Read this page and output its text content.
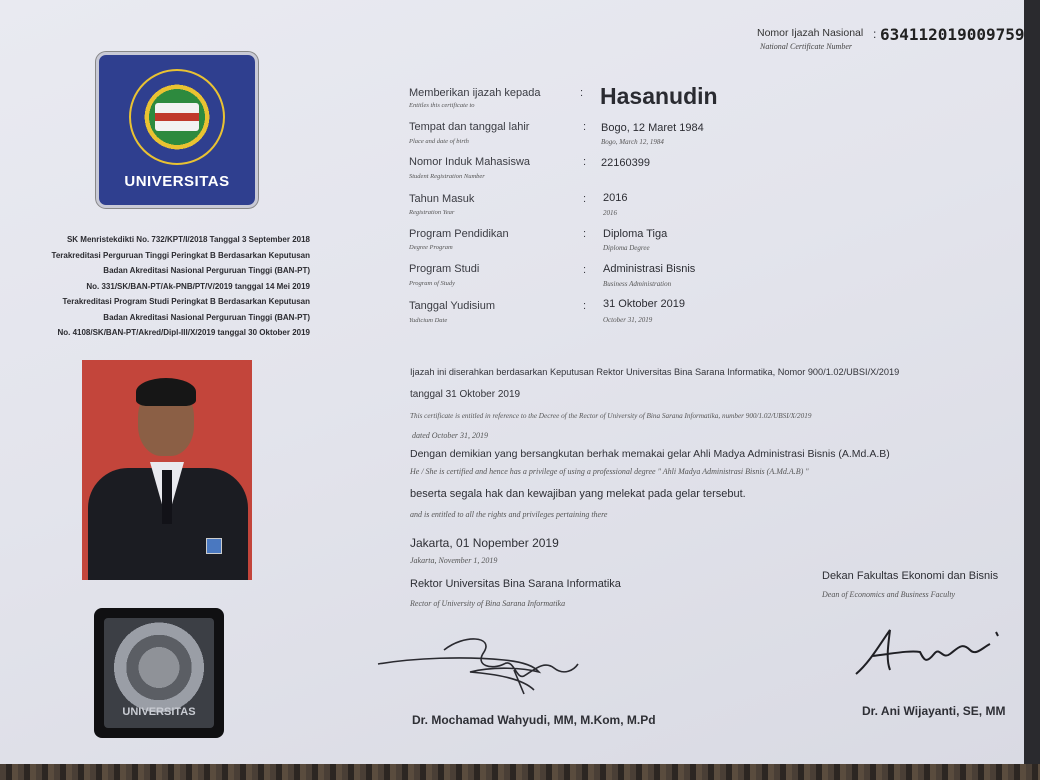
Nomor Ijazah Nasional
National Certificate Number
: 634112019009759
UNIVERSITAS
SK Menristekdikti No. 732/KPT/I/2018 Tanggal 3 September 2018
Terakreditasi Perguruan Tinggi Peringkat B Berdasarkan Keputusan
Badan Akreditasi Nasional Perguruan Tinggi (BAN-PT)
No. 331/SK/BAN-PT/Ak-PNB/PT/V/2019 tanggal 14 Mei 2019
Terakreditasi Program Studi Peringkat B Berdasarkan Keputusan
Badan Akreditasi Nasional Perguruan Tinggi (BAN-PT)
No. 4108/SK/BAN-PT/Akred/Dipl-III/X/2019 tanggal 30 Oktober 2019
UNIVERSITAS
Memberikan ijazah kepada
Entitles this certificate to
: Hasanudin
Tempat dan tanggal lahir
Place and date of birth
: Bogo, 12 Maret 1984
Bogo, March 12, 1984
Nomor Induk Mahasiswa
Student Registration Number
: 22160399
Tahun Masuk
Registration Year
: 2016
2016
Program Pendidikan
Degree Program
: Diploma Tiga
Diploma Degree
Program Studi
Program of Study
: Administrasi Bisnis
Business Administration
Tanggal Yudisium
Yudicium Date
: 31 Oktober 2019
October 31, 2019
Ijazah ini diserahkan berdasarkan Keputusan Rektor Universitas Bina Sarana Informatika, Nomor 900/1.02/UBSI/X/2019
tanggal 31 Oktober 2019
This certificate is entitled in reference to the Decree of the Rector of University of Bina Sarana Informatika, number 900/1.02/UBSI/X/2019
dated October 31, 2019
Dengan demikian yang bersangkutan berhak memakai gelar Ahli Madya Administrasi Bisnis (A.Md.A.B)
He / She is certified and hence has a privilege of using a professional degree " Ahli Madya Administrasi Bisnis (A.Md.A.B) "
beserta segala hak dan kewajiban yang melekat pada gelar tersebut.
and is entitled to all the rights and privileges pertaining there
Jakarta, 01 Nopember 2019
Jakarta, November 1, 2019
Rektor Universitas Bina Sarana Informatika
Rector of University of Bina Sarana Informatika
Dr. Mochamad Wahyudi, MM, M.Kom, M.Pd
Dekan Fakultas Ekonomi dan Bisnis
Dean of Economics and Business Faculty
Dr. Ani Wijayanti, SE, MM
